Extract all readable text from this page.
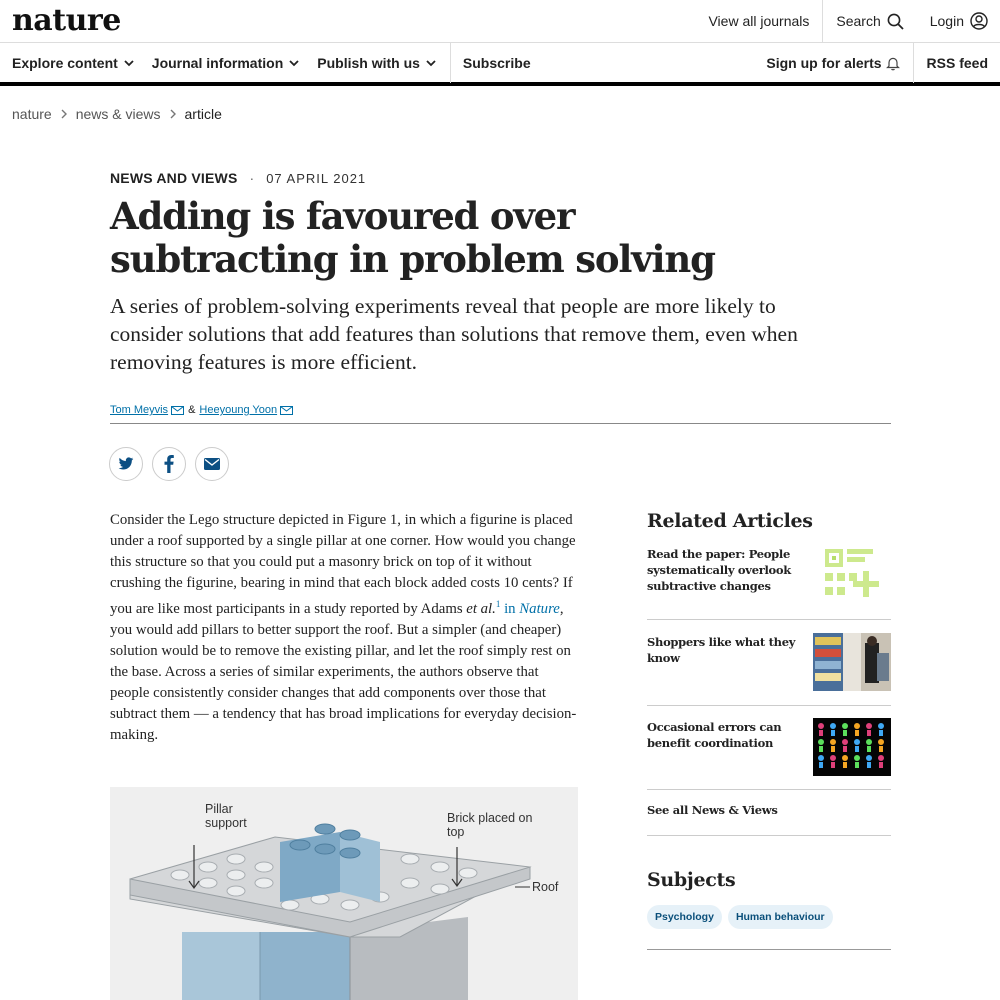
nature	View all journals Search	Login
Explore content Journal information Publish with us	Subscribe	Sign up for alerts	RSS feed
nature news & views article
NEWS AND VIEWS · 07 APRIL 2021
Adding is favoured over subtracting in problem solving

A series of problem-solving experiments reveal that people are more likely to consider solutions that add features than solutions that remove them, even when removing features is more efficient.

Tom Meyvis & Heeyoung Yoon

Consider the Lego structure depicted in Figure 1, in which a figurine is placed under a roof supported by a single pillar at one corner. How would you change this structure so that you could put a masonry brick on top of it without crushing the figurine, bearing in mind that each block added costs 10 cents? If you are like most participants in a study reported by Adams et al.$^1$ in Nature, you would add pillars to better support the roof. But a simpler (and cheaper) solution would be to remove the existing pillar, and let the roof simply rest on the base. Across a series of similar experiments, the authors observe that people consistently consider changes that add components over those that subtract them — a tendency that has broad implications for everyday decision-making.

Pillar support	Brick placed on top
Roof
Related Articles
Read the paper: People systematically overlook subtractive changes
Shoppers like what they know
Occasional errors can benefit coordination
See all News & Views
Subjects
Psychology	Human behaviour
